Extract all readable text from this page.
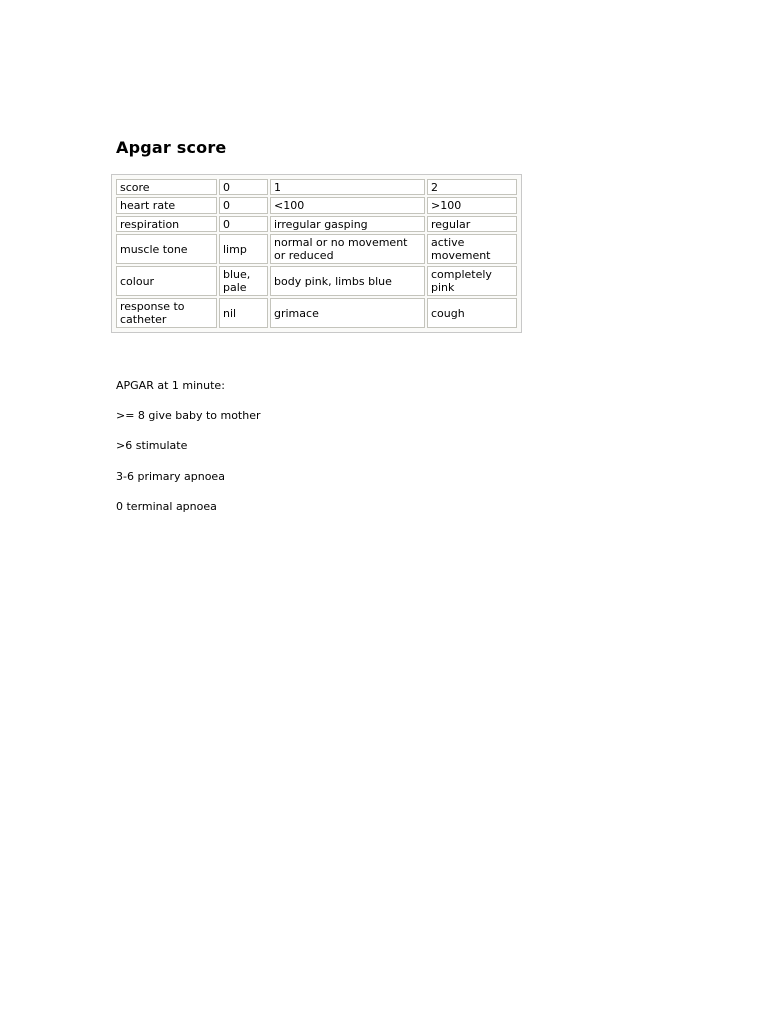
Apgar score
score	0	1	2
heart rate	0	<100	>100
respiration	0	irregular gasping	regular
muscle tone	limp	normal or no movement or reduced	active movement
colour	blue, pale	body pink, limbs blue	completely pink
response to catheter	nil	grimace	cough
APGAR at 1 minute:
>= 8 give baby to mother
>6 stimulate
3-6 primary apnoea
0 terminal apnoea
